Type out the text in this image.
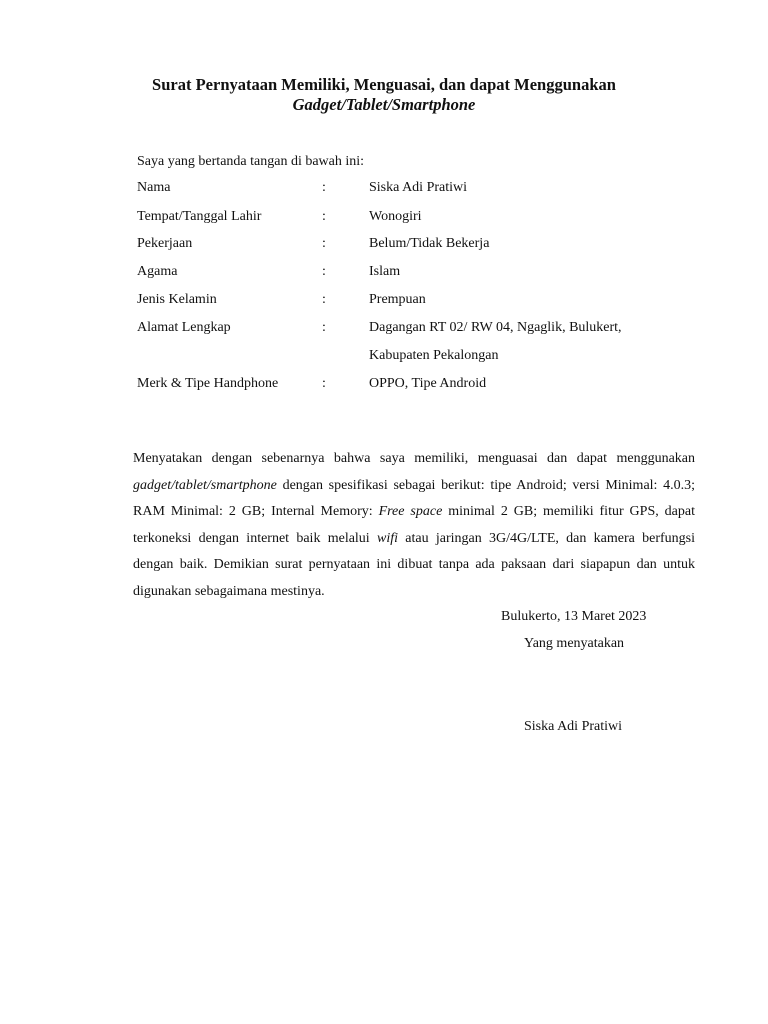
Surat Pernyataan Memiliki, Menguasai, dan dapat Menggunakan
Gadget/Tablet/Smartphone
Saya yang bertanda tangan di bawah ini:
Nama	:	Siska Adi Pratiwi
Tempat/Tanggal Lahir	:	Wonogiri
Pekerjaan	:	Belum/Tidak Bekerja
Agama	:	Islam
Jenis Kelamin	:	Prempuan
Alamat Lengkap	:	Dagangan RT 02/ RW 04, Ngaglik, Bulukert,
Kabupaten Pekalongan
Merk & Tipe Handphone	:	OPPO, Tipe Android

Menyatakan dengan sebenarnya bahwa saya memiliki, menguasai dan dapat menggunakan gadget/tablet/smartphone dengan spesifikasi sebagai berikut: tipe Android; versi Minimal: 4.0.3; RAM Minimal: 2 GB; Internal Memory: Free space minimal 2 GB; memiliki fitur GPS, dapat terkoneksi dengan internet baik melalui wifi atau jaringan 3G/4G/LTE, dan kamera berfungsi dengan baik. Demikian surat pernyataan ini dibuat tanpa ada paksaan dari siapapun dan untuk digunakan sebagaimana mestinya.

Bulukerto, 13 Maret 2023
Yang menyatakan
Siska Adi Pratiwi
